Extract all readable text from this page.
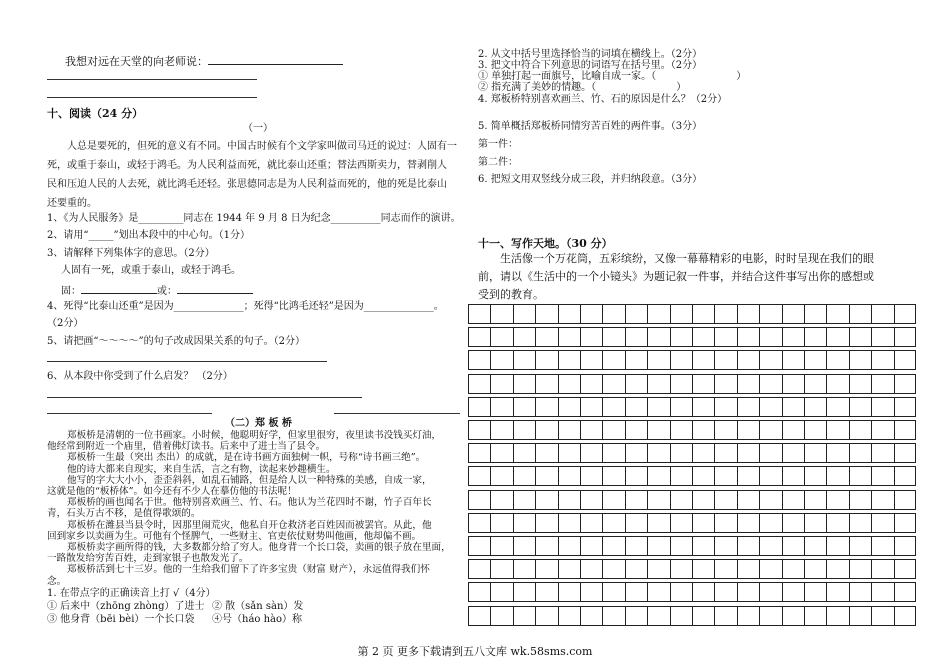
我想对远在天堂的向老师说：
十、阅读（24 分）
（一）
人总是要死的，但死的意义有不同。中国古时候有个文学家叫做司马迁的说过：人固有一
死，或重于泰山，或轻于鸿毛。为人民利益而死，就比泰山还重；替法西斯卖力，替剥削人
民和压迫人民的人去死，就比鸿毛还轻。张思德同志是为人民利益而死的，他的死是比泰山
还要重的。
1、《为人民服务》是_________同志在 1944 年 9 月 8 日为纪念__________同志而作的演讲。
2、请用“_____”划出本段中的中心句。（1分）
3、请解释下列集体字的意思。（2分）
人固有一死，或重于泰山，或轻于鸿毛。
固：	或：
4、死得“比泰山还重”是因为______________；死得“比鸿毛还轻”是因为______________。
（2分）
5、请把画“～～～～”的句子改成因果关系的句子。（2分）
6、从本段中你受到了什么启发？ （2分）
（二）郑 板 桥
郑板桥是清朝的一位书画家。小时候，他聪明好学，但家里很穷，夜里读书没钱买灯油，
他经常到附近一个庙里，借着佛灯读书。后来中了进士当了县令。
郑板桥一生最（突出 杰出）的成就，是在诗书画方面独树一帜，号称“诗书画三绝”。
他的诗大都来自现实，来自生活，言之有物，读起来妙趣横生。
他写的字大大小小，歪歪斜斜，如乱石铺路，但是给人以一种特殊的美感，自成一家，
这就是他的“板桥体”。如今还有不少人在摹仿他的书法呢！
郑板桥的画也闻名于世。他特别喜欢画兰、竹、石。他认为兰花四时不谢，竹子百年长
青，石头万古不移，是值得歌颂的。
郑板桥在潍县当县令时，因那里闹荒灾，他私自开仓救济老百姓因而被罢官。从此，他
回到家乡以卖画为生。可他有个怪脾气，一些财主、官吏依仗财势叫他画，他却偏不画。
郑板桥卖字画所得的钱，大多数都分给了穷人。他身背一个长口袋，卖画的银子放在里面，
一路散发给穷苦百姓，走到家银子也散发光了。
郑板桥活到七十三岁。他的一生给我们留下了许多宝贵（财富 财产），永远值得我们怀
念。
1. 在带点字的正确读音上打 √（4分）
① 后来中（zhōng zhòng）了进士 ② 散（sǎn sàn）发
③ 他身背（bēi bèi）一个长口袋 ④号（háo hào）称
2. 从文中括号里选择恰当的词填在横线上。（2分）
3. 把文中符合下列意思的词语写在括号里。（2分）
① 单独打起一面旗号，比喻自成一家。（	）
② 指充满了美妙的情趣。（	）
4. 郑板桥特别喜欢画兰、竹、石的原因是什么？（2分）
5. 简单概括郑板桥同情穷苦百姓的两件事。（3分）
第一件：
第二件：
6. 把短文用双竖线分成三段，并归纳段意。（3分）
十一、写作天地。（30 分）
生活像一个万花筒，五彩缤纷，又像一幕幕精彩的电影，时时呈现在我们的眼
前，请以《生活中的一个小镜头》为题记叙一件事，并结合这件事写出你的感想或
受到的教育。
第 2 页 更多下载请到五八文库 wk.58sms.com
